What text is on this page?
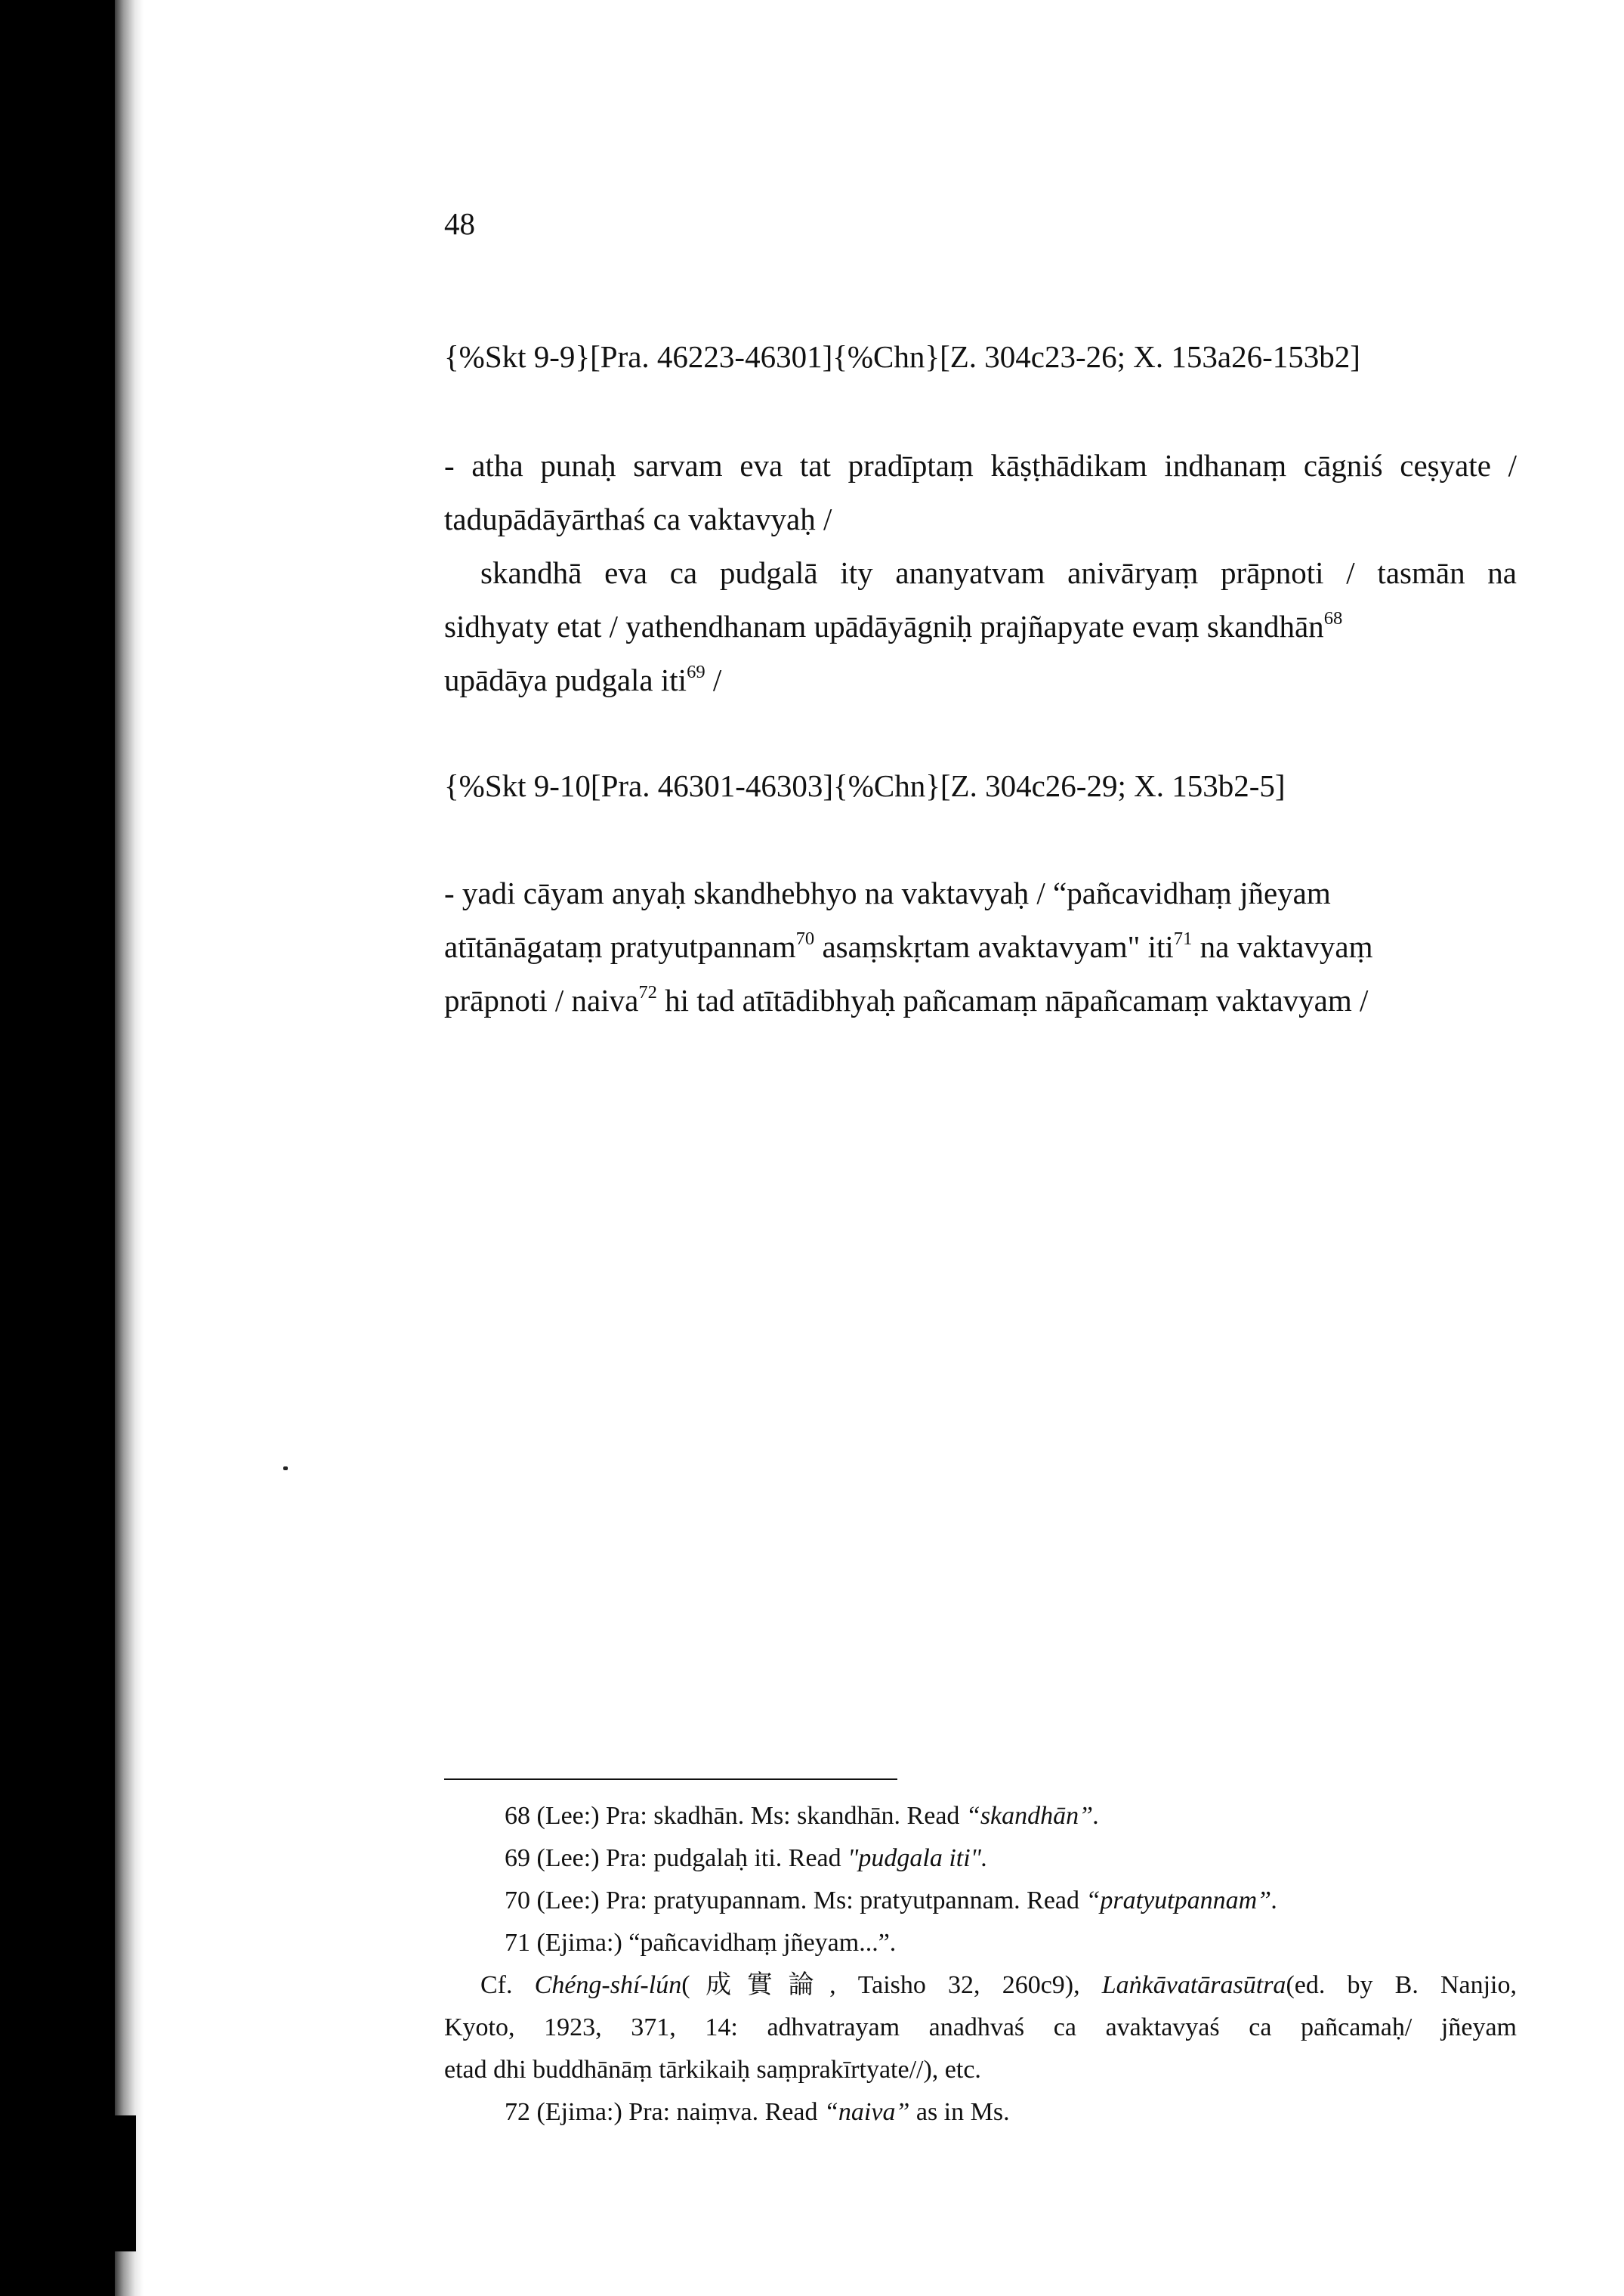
48
{%Skt 9-9}[Pra. 46223-46301]{%Chn}[Z. 304c23-26; X. 153a26-153b2]
- atha punaḥ sarvam eva tat pradīptaṃ kāṣṭhādikam indhanaṃ cāgniś ceṣyate /
tadupādāyārthaś ca vaktavyaḥ /
skandhā eva ca pudgalā ity ananyatvam anivāryaṃ prāpnoti / tasmān na
sidhyaty etat / yathendhanam upādāyāgniḥ prajñapyate evaṃ skandhān$^{68}$
upādāya pudgala iti$^{69}$ /
{%Skt 9-10[Pra. 46301-46303]{%Chn}[Z. 304c26-29; X. 153b2-5]
- yadi cāyam anyaḥ skandhebhyo na vaktavyaḥ / “pañcavidhaṃ jñeyam
atītānāgataṃ pratyutpannam$^{70}$ asaṃskṛtam avaktavyam" iti$^{71}$ na vaktavyaṃ
prāpnoti / naiva$^{72}$ hi tad atītādibhyaḥ pañcamaṃ nāpañcamaṃ vaktavyam /
68 (Lee:) Pra: skadhān. Ms: skandhān. Read “skandhān”.
69 (Lee:) Pra: pudgalaḥ iti. Read "pudgala iti".
70 (Lee:) Pra: pratyupannam. Ms: pratyutpannam. Read “pratyutpannam”.
71 (Ejima:) “pañcavidhaṃ jñeyam...”.
Cf. Chéng-shí-lún(成實論, Taisho 32, 260c9), Laṅkāvatārasūtra(ed. by B. Nanjio,
Kyoto, 1923, 371, 14: adhvatrayam anadhvaś ca avaktavyaś ca pañcamaḥ/ jñeyam
etad dhi buddhānāṃ tārkikaiḥ saṃprakīrtyate//), etc.
72 (Ejima:) Pra: naiṃva. Read “naiva” as in Ms.
